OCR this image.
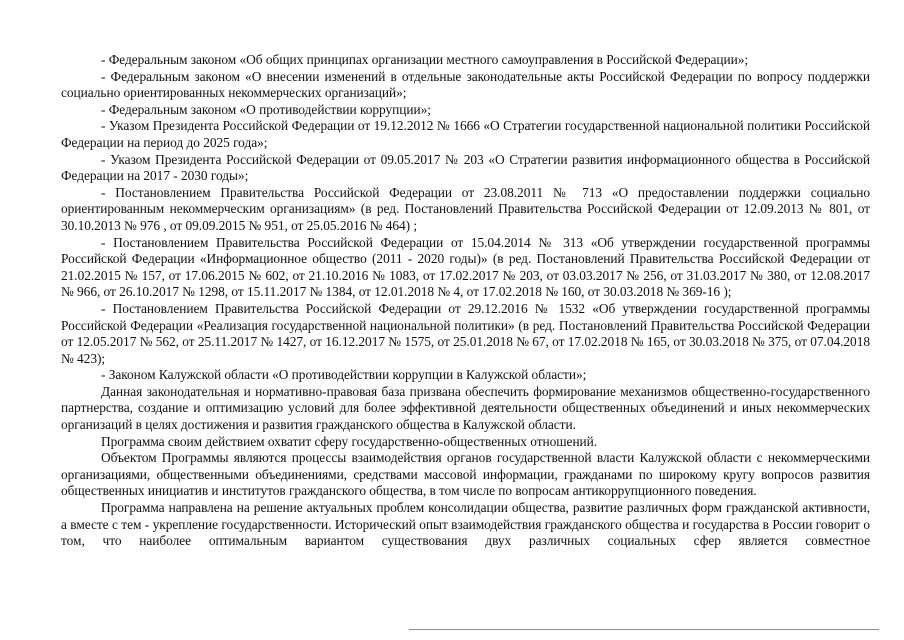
- Федеральным законом «Об общих принципах организации местного самоуправления в Российской Федерации»;

- Федеральным законом «О внесении изменений в отдельные законодательные акты Российской Федерации по вопросу поддержки социально ориентированных некоммерческих организаций»;

- Федеральным законом «О противодействии коррупции»;

- Указом Президента Российской Федерации от 19.12.2012 № 1666 «О Стратегии государственной национальной политики Российской Федерации на период до 2025 года»;

- Указом Президента Российской Федерации от 09.05.2017 № 203 «О Стратегии развития информационного общества в Российской Федерации на 2017 - 2030 годы»;

- Постановлением Правительства Российской Федерации от 23.08.2011 № 713 «О предоставлении поддержки социально ориентированным некоммерческим организациям» (в ред. Постановлений Правительства Российской Федерации от 12.09.2013 № 801, от 30.10.2013 № 976 , от 09.09.2015 № 951, от 25.05.2016 № 464) ;

- Постановлением Правительства Российской Федерации от 15.04.2014 № 313 «Об утверждении государственной программы Российской Федерации «Информационное общество (2011 - 2020 годы)» (в ред. Постановлений Правительства Российской Федерации от 21.02.2015 № 157, от 17.06.2015 № 602, от 21.10.2016 № 1083, от 17.02.2017 № 203, от 03.03.2017 № 256, от 31.03.2017 № 380, от 12.08.2017 № 966, от 26.10.2017 № 1298, от 15.11.2017 № 1384, от 12.01.2018 № 4, от 17.02.2018 № 160, от 30.03.2018 № 369-16 );

- Постановлением Правительства Российской Федерации от 29.12.2016 № 1532 «Об утверждении государственной программы Российской Федерации «Реализация государственной национальной политики» (в ред. Постановлений Правительства Российской Федерации от 12.05.2017 № 562, от 25.11.2017 № 1427, от 16.12.2017 № 1575, от 25.01.2018 № 67, от 17.02.2018 № 165, от 30.03.2018 № 375, от 07.04.2018 № 423);

- Законом Калужской области «О противодействии коррупции в Калужской области»;

Данная законодательная и нормативно-правовая база призвана обеспечить формирование механизмов общественно-государственного партнерства, создание и оптимизацию условий для более эффективной деятельности общественных объединений и иных некоммерческих организаций в целях достижения и развития гражданского общества в Калужской области.

Программа своим действием охватит сферу государственно-общественных отношений.

Объектом Программы являются процессы взаимодействия органов государственной власти Калужской области с некоммерческими организациями, общественными объединениями, средствами массовой информации, гражданами по широкому кругу вопросов развития общественных инициатив и институтов гражданского общества, в том числе по вопросам антикоррупционного поведения.

Программа направлена на решение актуальных проблем консолидации общества, развитие различных форм гражданской активности, а вместе с тем - укрепление государственности. Исторический опыт взаимодействия гражданского общества и государства в России говорит о том, что наиболее оптимальным вариантом существования двух различных социальных сфер является совместное
